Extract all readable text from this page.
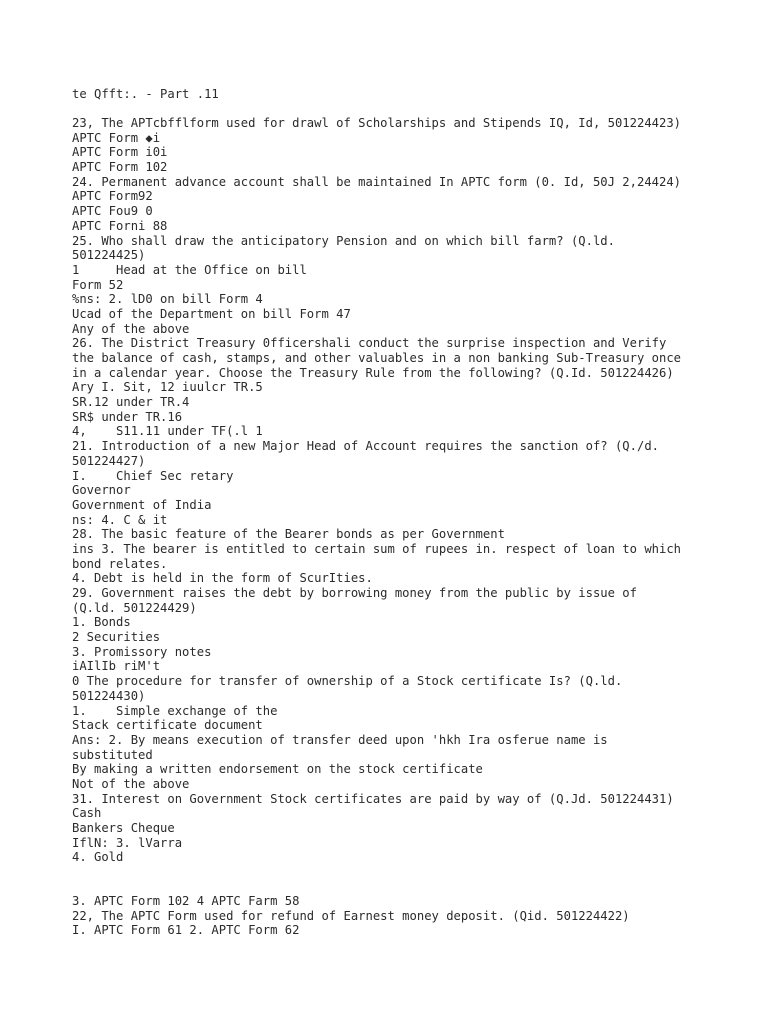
te Qfft:. - Part .11
23, The APTcbfflform used for drawl of Scholarships and Stipends IQ, Id, 501224423)
APTC Form ◆i
APTC Form i0i
APTC Form 102
24. Permanent advance account shall be maintained In APTC form (0. Id, 50J 2,24424)
APTC Form92
APTC Fou9 0
APTC Forni 88
25. Who shall draw the anticipatory Pension and on which bill farm? (Q.ld.
501224425)
1     Head at the Office on bill
Form 52
%ns: 2. lD0 on bill Form 4
Ucad of the Department on bill Form 47
Any of the above
26. The District Treasury 0fficershali conduct the surprise inspection and Verify
the balance of cash, stamps, and other valuables in a non banking Sub-Treasury once
in a calendar year. Choose the Treasury Rule from the following? (Q.Id. 501224426)
Ary I. Sit, 12 iuulcr TR.5
SR.12 under TR.4
SR$ under TR.16
4,    S11.11 under TF(.l 1
21. Introduction of a new Major Head of Account requires the sanction of? (Q./d.
501224427)
I.    Chief Sec retary
Governor
Government of India
ns: 4. C & it
28. The basic feature of the Bearer bonds as per Government
ins 3. The bearer is entitled to certain sum of rupees in. respect of loan to which
bond relates.
4. Debt is held in the form of ScurIties.
29. Government raises the debt by borrowing money from the public by issue of
(Q.ld. 501224429)
1. Bonds
2 Securities
3. Promissory notes
iAIlIb riM't
0 The procedure for transfer of ownership of a Stock certificate Is? (Q.ld.
501224430)
1.    Simple exchange of the
Stack certificate document
Ans: 2. By means execution of transfer deed upon 'hkh Ira osferue name is
substituted
By making a written endorsement on the stock certificate
Not of the above
31. Interest on Government Stock certificates are paid by way of (Q.Jd. 501224431)
Cash
Bankers Cheque
IflN: 3. lVarra
4. Gold
3. APTC Form 102 4 APTC Farm 58
22, The APTC Form used for refund of Earnest money deposit. (Qid. 501224422)
I. APTC Form 61 2. APTC Form 62
